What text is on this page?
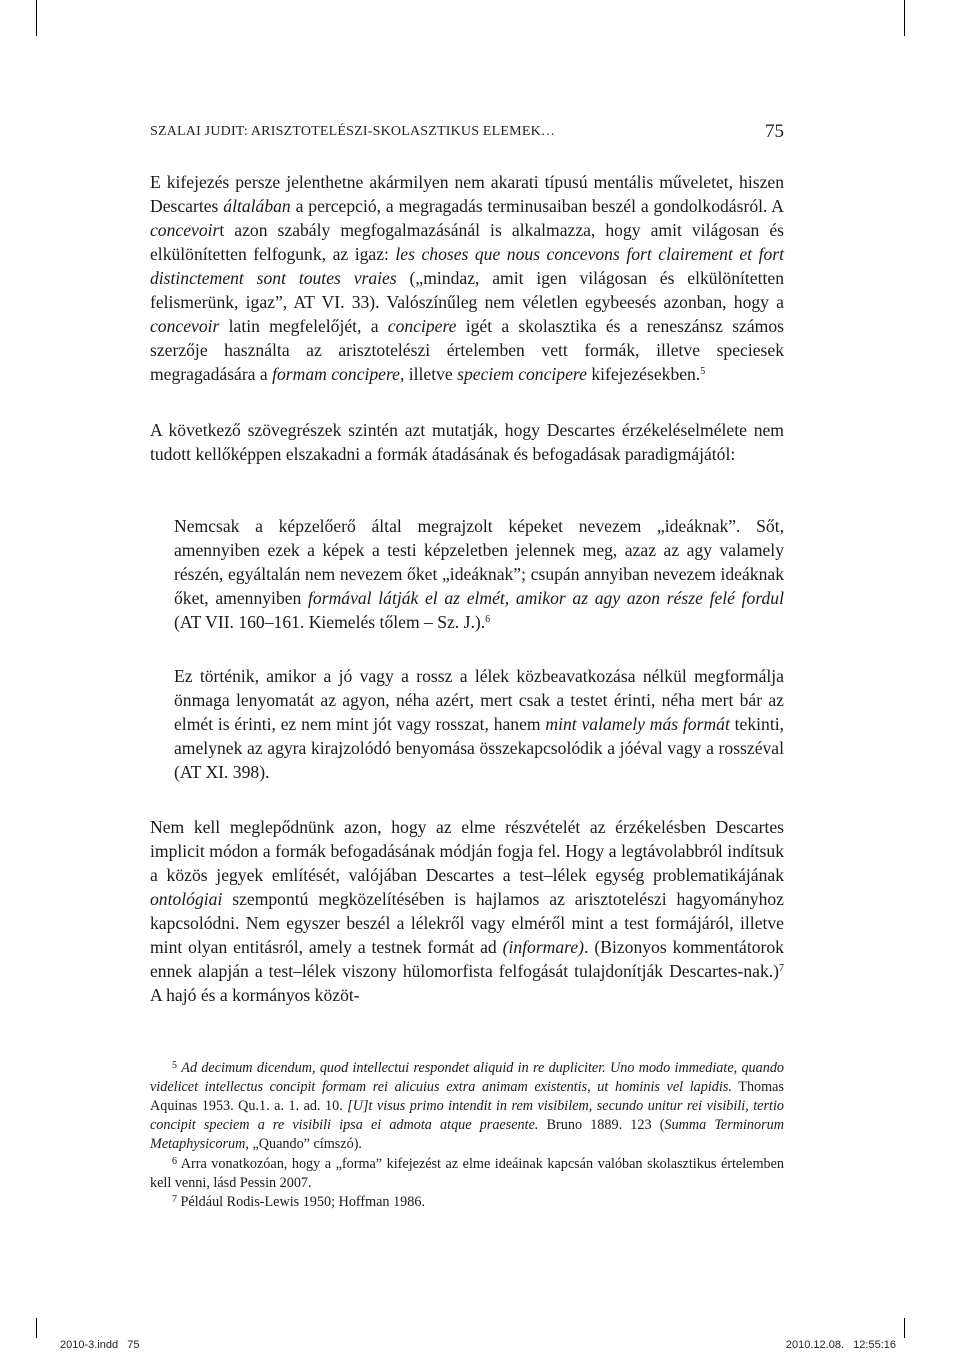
SZALAI JUDIT: ARISZTOTELÉSZI-SKOLASZTIKUS ELEMEK…	75

E kifejezés persze jelenthetne akármilyen nem akarati típusú mentális műveletet, hiszen Descartes általában a percepció, a megragadás terminusaiban beszél a gondolkodásról. A concevoirt azon szabály megfogalmazásánál is alkalmazza, hogy amit világosan és elkülönítetten felfogunk, az igaz: les choses que nous concevons fort clairement et fort distinctement sont toutes vraies („mindaz, amit igen világosan és elkülönítetten felismerünk, igaz”, AT VI. 33). Valószínűleg nem véletlen egybeesés azonban, hogy a concevoir latin megfelelőjét, a concipere igét a skolasztika és a reneszánsz számos szerzője használta az arisztotelészi értelemben vett formák, illetve speciesek megragadására a formam concipere, illetve speciem concipere kifejezésekben.$^5$

A következő szövegrészek szintén azt mutatják, hogy Descartes érzékeléselmélete nem tudott kellőképpen elszakadni a formák átadásának és befogadásak paradigmájától:

Nemcsak a képzelőerő által megrajzolt képeket nevezem „ideáknak”. Sőt, amennyiben ezek a képek a testi képzeletben jelennek meg, azaz az agy valamely részén, egyáltalán nem nevezem őket „ideáknak”; csupán annyiban nevezem ideáknak őket, amennyiben formával látják el az elmét, amikor az agy azon része felé fordul (AT VII. 160–161. Kiemelés tőlem – Sz. J.).$^6$

Ez történik, amikor a jó vagy a rossz a lélek közbeavatkozása nélkül megformálja önmaga lenyomatát az agyon, néha azért, mert csak a testet érinti, néha mert bár az elmét is érinti, ez nem mint jót vagy rosszat, hanem mint valamely más formát tekinti, amelynek az agyra kirajzolódó benyomása összekapcsolódik a jóéval vagy a rosszéval (AT XI. 398).

Nem kell meglepődnünk azon, hogy az elme részvételét az érzékelésben Descartes implicit módon a formák befogadásának módján fogja fel. Hogy a legtávolabbról indítsuk a közös jegyek említését, valójában Descartes a test–lélek egység problematikájának ontológiai szempontú megközelítésében is hajlamos az arisztotelészi hagyományhoz kapcsolódni. Nem egyszer beszél a lélekről vagy elméről mint a test formájáról, illetve mint olyan entitásról, amely a testnek formát ad (informare). (Bizonyos kommentátorok ennek alapján a test–lélek viszony hülomorfista felfogását tulajdonítják Descartes-nak.)$^7$ A hajó és a kormányos közöt-

$^5$ Ad decimum dicendum, quod intellectui respondet aliquid in re dupliciter. Uno modo immediate, quando videlicet intellectus concipit formam rei alicuius extra animam existentis, ut hominis vel lapidis. Thomas Aquinas 1953. Qu.1. a. 1. ad. 10. [U]t visus primo intendit in rem visibilem, secundo unitur rei visibili, tertio concipit speciem a re visibili ipsa ei admota atque praesente. Bruno 1889. 123 (Summa Terminorum Metaphysicorum, „Quando” címszó).

$^6$ Arra vonatkozóan, hogy a „forma” kifejezést az elme ideáinak kapcsán valóban skolasztikus értelemben kell venni, lásd Pessin 2007.

$^7$ Például Rodis-Lewis 1950; Hoffman 1986.

2010-3.indd   75	2010.12.08.   12:55:16
